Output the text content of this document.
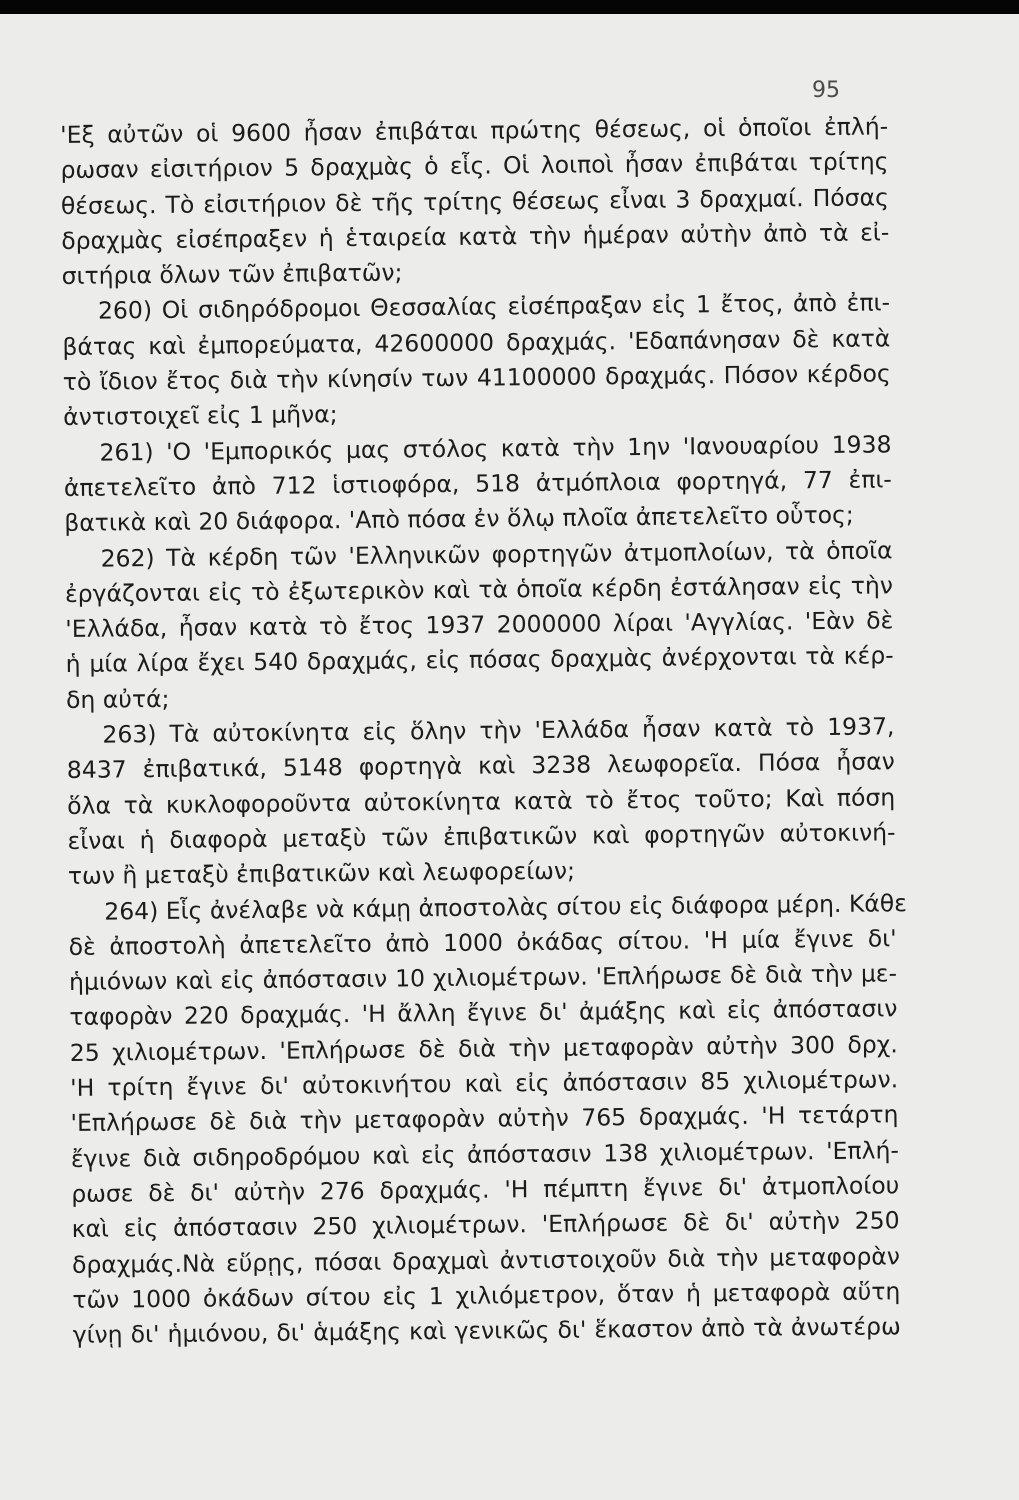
95
'Εξ αὐτῶν οἱ 9600 ἦσαν ἐπιβάται πρώτης θέσεως, οἱ ὁποῖοι ἐπλή-
ρωσαν εἰσιτήριον 5 δραχμὰς ὁ εἷς. Οἱ λοιποὶ ἦσαν ἐπιβάται τρίτης
θέσεως. Τὸ εἰσιτήριον δὲ τῆς τρίτης θέσεως εἶναι 3 δραχμαί. Πόσας
δραχμὰς εἰσέπραξεν ἡ ἑταιρεία κατὰ τὴν ἡμέραν αὐτὴν ἀπὸ τὰ εἰ-
σιτήρια ὅλων τῶν ἐπιβατῶν;
260) Οἱ σιδηρόδρομοι Θεσσαλίας εἰσέπραξαν εἰς 1 ἔτος, ἀπὸ ἐπι-
βάτας καὶ ἐμπορεύματα, 42600000 δραχμάς. 'Εδαπάνησαν δὲ κατὰ
τὸ ἴδιον ἔτος διὰ τὴν κίνησίν των 41100000 δραχμάς. Πόσον κέρδος
ἀντιστοιχεῖ εἰς 1 μῆνα;
261) 'Ο 'Εμπορικός μας στόλος κατὰ τὴν 1ην 'Ιανουαρίου 1938
ἀπετελεῖτο ἀπὸ 712 ἱστιοφόρα, 518 ἀτμόπλοια φορτηγά, 77 ἐπι-
βατικὰ καὶ 20 διάφορα. 'Απὸ πόσα ἐν ὅλῳ πλοῖα ἀπετελεῖτο οὗτος;
262) Τὰ κέρδη τῶν 'Ελληνικῶν φορτηγῶν ἀτμοπλοίων, τὰ ὁποῖα
ἐργάζονται εἰς τὸ ἐξωτερικὸν καὶ τὰ ὁποῖα κέρδη ἐστάλησαν εἰς τὴν
'Ελλάδα, ἦσαν κατὰ τὸ ἔτος 1937 2000000 λίραι 'Αγγλίας. 'Εὰν δὲ
ἡ μία λίρα ἔχει 540 δραχμάς, εἰς πόσας δραχμὰς ἀνέρχονται τὰ κέρ-
δη αὐτά;
263) Τὰ αὐτοκίνητα εἰς ὅλην τὴν 'Ελλάδα ἦσαν κατὰ τὸ 1937,
8437 ἐπιβατικά, 5148 φορτηγὰ καὶ 3238 λεωφορεῖα. Πόσα ἦσαν
ὅλα τὰ κυκλοφοροῦντα αὐτοκίνητα κατὰ τὸ ἔτος τοῦτο; Καὶ πόση
εἶναι ἡ διαφορὰ μεταξὺ τῶν ἐπιβατικῶν καὶ φορτηγῶν αὐτοκινή-
των ἢ μεταξὺ ἐπιβατικῶν καὶ λεωφορείων;
264) Εἷς ἀνέλαβε νὰ κάμῃ ἀποστολὰς σίτου εἰς διάφορα μέρη. Κάθε
δὲ ἀποστολὴ ἀπετελεῖτο ἀπὸ 1000 ὀκάδας σίτου. 'Η μία ἔγινε δι'
ἡμιόνων καὶ εἰς ἀπόστασιν 10 χιλιομέτρων. 'Επλήρωσε δὲ διὰ τὴν με-
ταφορὰν 220 δραχμάς. 'Η ἄλλη ἔγινε δι' ἀμάξης καὶ εἰς ἀπόστασιν
25 χιλιομέτρων. 'Επλήρωσε δὲ διὰ τὴν μεταφορὰν αὐτὴν 300 δρχ.
'Η τρίτη ἔγινε δι' αὐτοκινήτου καὶ εἰς ἀπόστασιν 85 χιλιομέτρων.
'Επλήρωσε δὲ διὰ τὴν μεταφορὰν αὐτὴν 765 δραχμάς. 'Η τετάρτη
ἔγινε διὰ σιδηροδρόμου καὶ εἰς ἀπόστασιν 138 χιλιομέτρων. 'Επλή-
ρωσε δὲ δι' αὐτὴν 276 δραχμάς. 'Η πέμπτη ἔγινε δι' ἀτμοπλοίου
καὶ εἰς ἀπόστασιν 250 χιλιομέτρων. 'Επλήρωσε δὲ δι' αὐτὴν 250
δραχμάς.Νὰ εὕρῃς, πόσαι δραχμαὶ ἀντιστοιχοῦν διὰ τὴν μεταφορὰν
τῶν 1000 ὀκάδων σίτου εἰς 1 χιλιόμετρον, ὅταν ἡ μεταφορὰ αὕτη
γίνῃ δι' ἡμιόνου, δι' ἁμάξης καὶ γενικῶς δι' ἕκαστον ἀπὸ τὰ ἀνωτέρω
